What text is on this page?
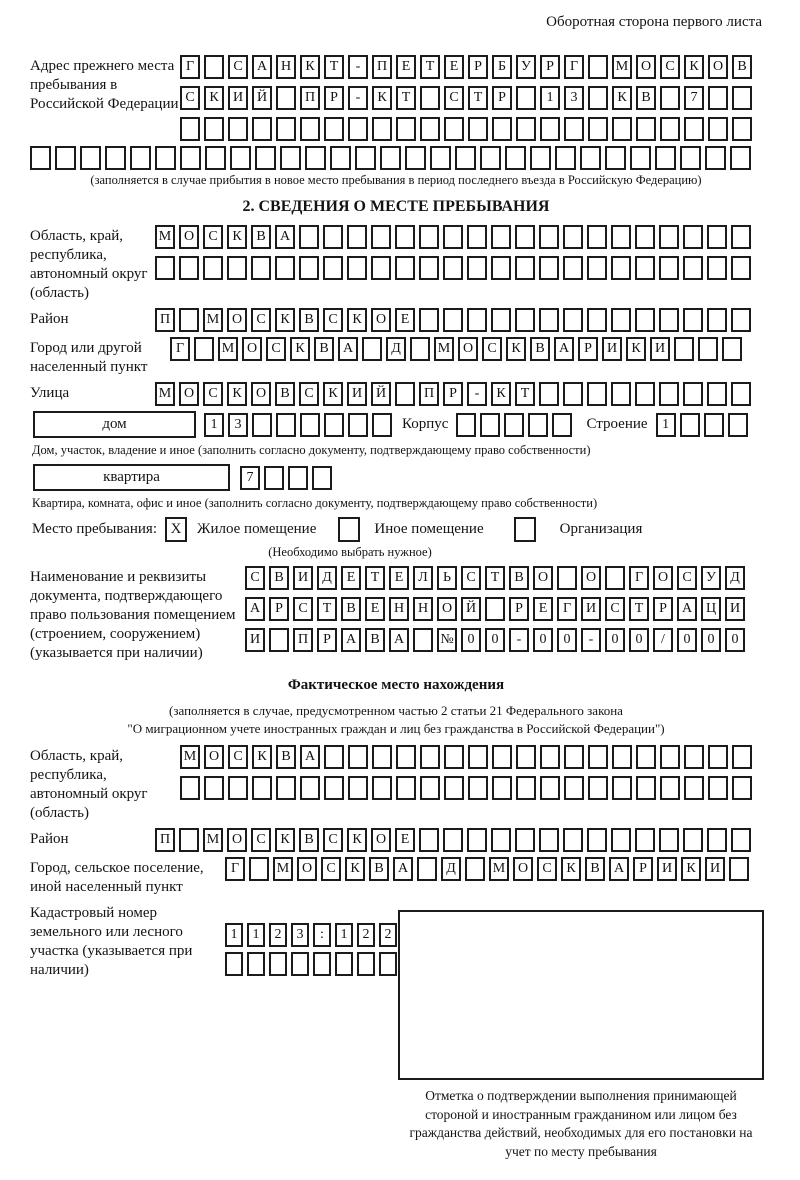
Оборотная сторона первого листа
Адрес прежнего места пребывания в Российской Федерации
Г	С	А Н	К	Т	-	П	Е	Т	Е	Р	Б	У	Р	Г	М О	С	К	О	В
С	К	И Й	П	Р	-	К	Т	С	Т	Р	1	3	К	В	7
(заполняется в случае прибытия в новое место пребывания в период последнего въезда в Российскую Федерацию)
2. СВЕДЕНИЯ О МЕСТЕ ПРЕБЫВАНИЯ
Область, край, республика, автономный округ (область)
М О	С	К	В	А
Район	П	М О	С	К	В	С	К	О	Е
Город или другой населенный пункт
Г	М О	С	К	В	А	Д	М О	С	К	В	А	Р	И	К	И
Улица	М О	С	К	О	В	С	К	И Й	П	Р	-	К	Т
дом	1	3	Корпус	Строение	1
Дом, участок, владение и иное (заполнить согласно документу, подтверждающему право собственности)
квартира	7
Квартира, комната, офис и иное (заполнить согласно документу, подтверждающему право собственности)
Место пребывания: X	Жилое помещение	Иное помещение	Организация
(Необходимо выбрать нужное)
Наименование и реквизиты документа, подтверждающего право пользования помещением (строением, сооружением) (указывается при наличии)
С	В	И	Д	Е	Т	Е	Л	Ь	С	Т	В	О	О	Г	О	С	У	Д
А	Р	С	Т	В	Е	Н Н О Й	Р	Е	Г	И	С	Т	Р	А Ц И
И	П	Р	А	В	А	№ 0	0	-	0	0	-	0	0	/	0	0	0
Фактическое место нахождения
(заполняется в случае, предусмотренном частью 2 статьи 21 Федерального закона
"О миграционном учете иностранных граждан и лиц без гражданства в Российской Федерации")
Область, край, республика, автономный округ (область)
М О	С	К	В	А
Район	П	М О	С	К	В	С	К	О	Е
Город, сельское поселение, иной населенный пункт
Г	М О	С	К	В	А	Д	М О	С	К	В	А	Р	И	К	И
Кадастровый номер земельного или лесного участка (указывается при наличии)
1	1	2	3	:	1	2	2
Отметка о подтверждении выполнения принимающей стороной и иностранным гражданином или лицом без гражданства действий, необходимых для его постановки на учет по месту пребывания
